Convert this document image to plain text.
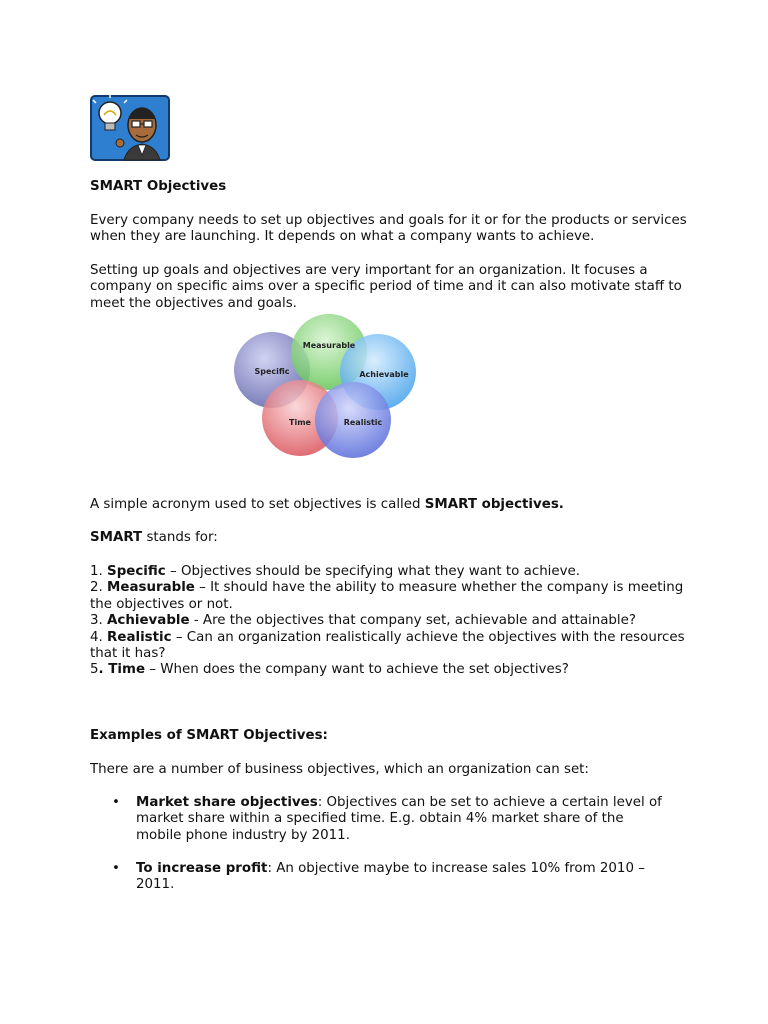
SMART Objectives

Every company needs to set up objectives and goals for it or for the products or services when they are launching. It depends on what a company wants to achieve.

Setting up goals and objectives are very important for an organization. It focuses a company on specific aims over a specific period of time and it can also motivate staff to meet the objectives and goals.

Specific
Measurable
Achievable
Time	Realistic

A simple acronym used to set objectives is called SMART objectives.

SMART stands for:

1. Specific – Objectives should be specifying what they want to achieve.
2. Measurable – It should have the ability to measure whether the company is meeting the objectives or not.
3. Achievable - Are the objectives that company set, achievable and attainable?
4. Realistic – Can an organization realistically achieve the objectives with the resources that it has?
5. Time – When does the company want to achieve the set objectives?

Examples of SMART Objectives:

There are a number of business objectives, which an organization can set:

• Market share objectives: Objectives can be set to achieve a certain level of market share within a specified time. E.g. obtain 4% market share of the mobile phone industry by 2011.
• To increase profit: An objective maybe to increase sales 10% from 2010 – 2011.
